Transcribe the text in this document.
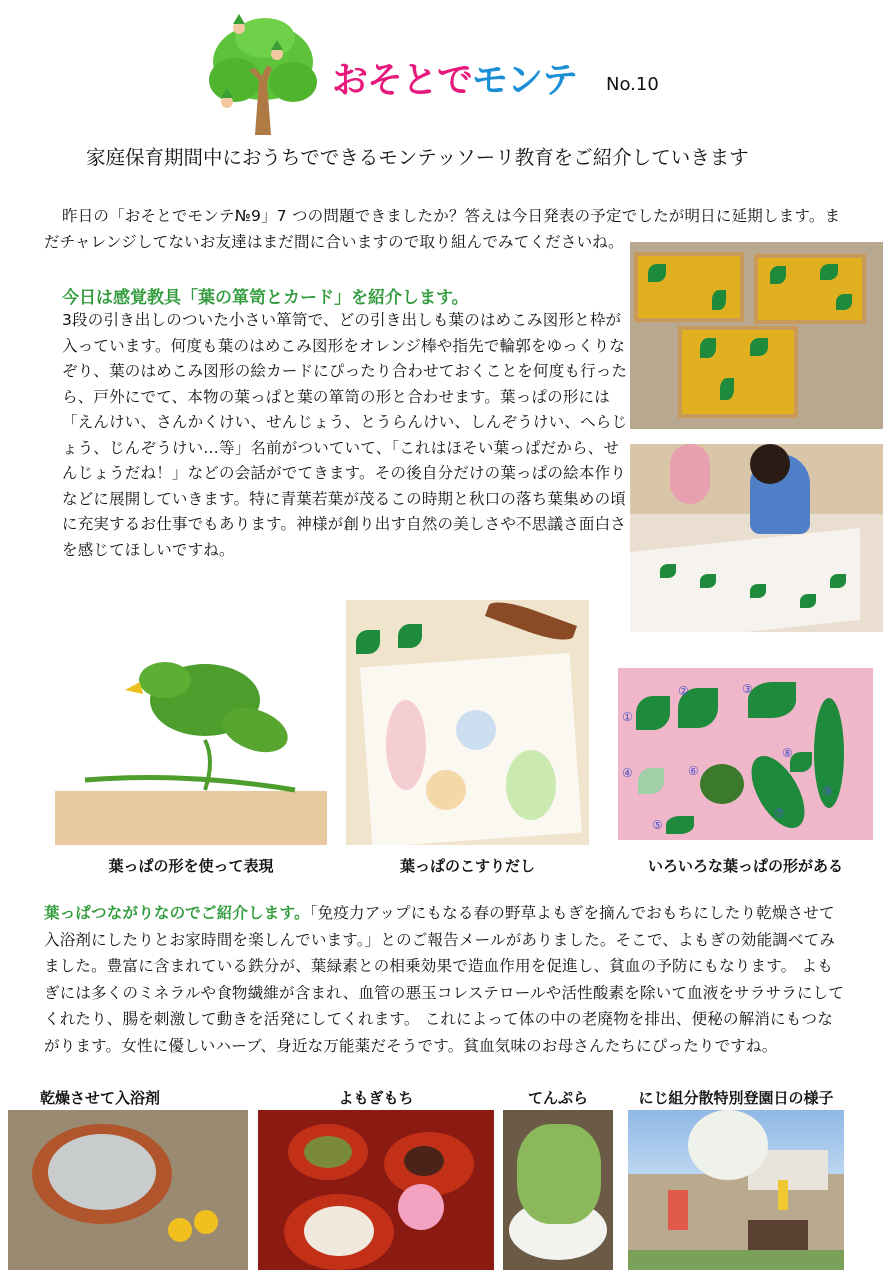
おそとでモンテ No.10
家庭保育期間中におうちでできるモンテッソーリ教育をご紹介していきます
昨日の「おそとでモンテ№9」7 つの問題できましたか？答えは今日発表の予定でしたが明日に延期します。まだチャレンジしてないお友達はまだ間に合いますので取り組んでみてくださいね。
今日は感覚教具「葉の箪笥とカード」を紹介します。
3段の引き出しのついた小さい箪笥で、どの引き出しも葉のはめこみ図形と枠が入っています。何度も葉のはめこみ図形をオレンジ棒や指先で輪郭をゆっくりなぞり、葉のはめこみ図形の絵カードにぴったり合わせておくことを何度も行ったら、戸外にでて、本物の葉っぱと葉の箪笥の形と合わせます。葉っぱの形には「えんけい、さんかくけい、せんじょう、とうらんけい、しんぞうけい、へらじょう、じんぞうけい…等」名前がついていて、「これはほそい葉っぱだから、せんじょうだね！」などの会話がでてきます。その後自分だけの葉っぱの絵本作りなどに展開していきます。特に青葉若葉が茂るこの時期と秋口の落ち葉集めの頃に充実するお仕事でもあります。神様が創り出す自然の美しさや不思議さ面白さを感じてほしいですね。
①
②	③
④
⑤
⑥
⑦
⑧
⑨
葉っぱの形を使って表現	葉っぱのこすりだし	いろいろな葉っぱの形がある
葉っぱつながりなのでご紹介します。「免疫力アップにもなる春の野草よもぎを摘んでおもちにしたり乾燥させて入浴剤にしたりとお家時間を楽しんでいます。」とのご報告メールがありました。そこで、よもぎの効能調べてみました。豊富に含まれている鉄分が、葉緑素との相乗効果で造血作用を促進し、貧血の予防にもなります。 よもぎには多くのミネラルや食物繊維が含まれ、血管の悪玉コレステロールや活性酸素を除いて血液をサラサラにしてくれたり、腸を刺激して動きを活発にしてくれます。 これによって体の中の老廃物を排出、便秘の解消にもつながります。女性に優しいハーブ、身近な万能薬だそうです。貧血気味のお母さんたちにぴったりですね。
乾燥させて入浴剤	よもぎもち	てんぷら	にじ組分散特別登園日の様子
